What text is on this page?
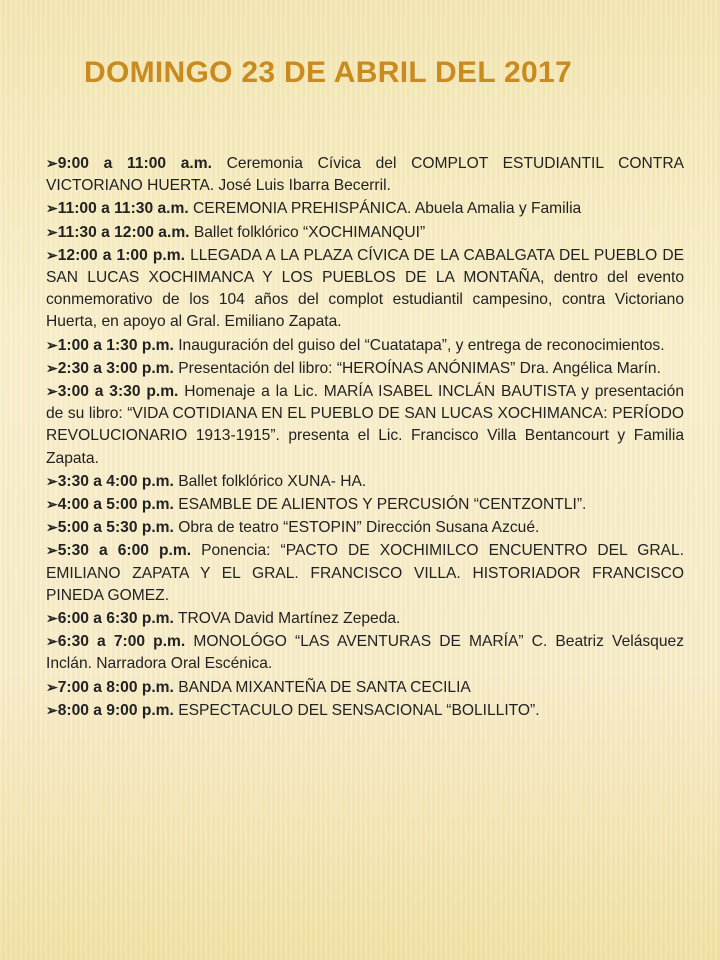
DOMINGO 23 DE ABRIL DEL 2017

➢9:00 a 11:00 a.m. Ceremonia Cívica del COMPLOT ESTUDIANTIL CONTRA VICTORIANO HUERTA. José Luis Ibarra Becerril.

➢11:00 a 11:30 a.m. CEREMONIA PREHISPÁNICA. Abuela Amalia y Familia

➢11:30 a 12:00 a.m. Ballet folklórico “XOCHIMANQUI”

➢12:00 a 1:00 p.m. LLEGADA A LA PLAZA CÍVICA DE LA CABALGATA DEL PUEBLO DE SAN LUCAS XOCHIMANCA Y LOS PUEBLOS DE LA MONTAÑA, dentro del evento conmemorativo de los 104 años del complot estudiantil campesino, contra Victoriano Huerta, en apoyo al Gral. Emiliano Zapata.

➢1:00 a 1:30 p.m. Inauguración del guiso del “Cuatatapa”, y entrega de reconocimientos.

➢2:30 a 3:00 p.m. Presentación del libro: “HEROÍNAS ANÓNIMAS” Dra. Angélica Marín.

➢3:00 a 3:30 p.m. Homenaje a la Lic. MARÍA ISABEL INCLÁN BAUTISTA y presentación de su libro: “VIDA COTIDIANA EN EL PUEBLO DE SAN LUCAS XOCHIMANCA: PERÍODO REVOLUCIONARIO 1913-1915”. presenta el Lic. Francisco Villa Bentancourt y Familia Zapata.

➢3:30 a 4:00 p.m. Ballet folklórico XUNA- HA.

➢4:00 a 5:00 p.m. ESAMBLE DE ALIENTOS Y PERCUSIÓN “CENTZONTLI”.

➢5:00 a 5:30 p.m. Obra de teatro “ESTOPIN” Dirección Susana Azcué.

➢5:30 a 6:00 p.m. Ponencia: “PACTO DE XOCHIMILCO ENCUENTRO DEL GRAL. EMILIANO ZAPATA Y EL GRAL. FRANCISCO VILLA. HISTORIADOR FRANCISCO PINEDA GOMEZ.

➢6:00 a 6:30 p.m. TROVA David Martínez Zepeda.

➢6:30 a 7:00 p.m. MONOLÓGO “LAS AVENTURAS DE MARÍA” C. Beatriz Velásquez Inclán. Narradora Oral Escénica.

➢7:00 a 8:00 p.m. BANDA MIXANTEÑA DE SANTA CECILIA

➢8:00 a 9:00 p.m. ESPECTACULO DEL SENSACIONAL “BOLILLITO”.
